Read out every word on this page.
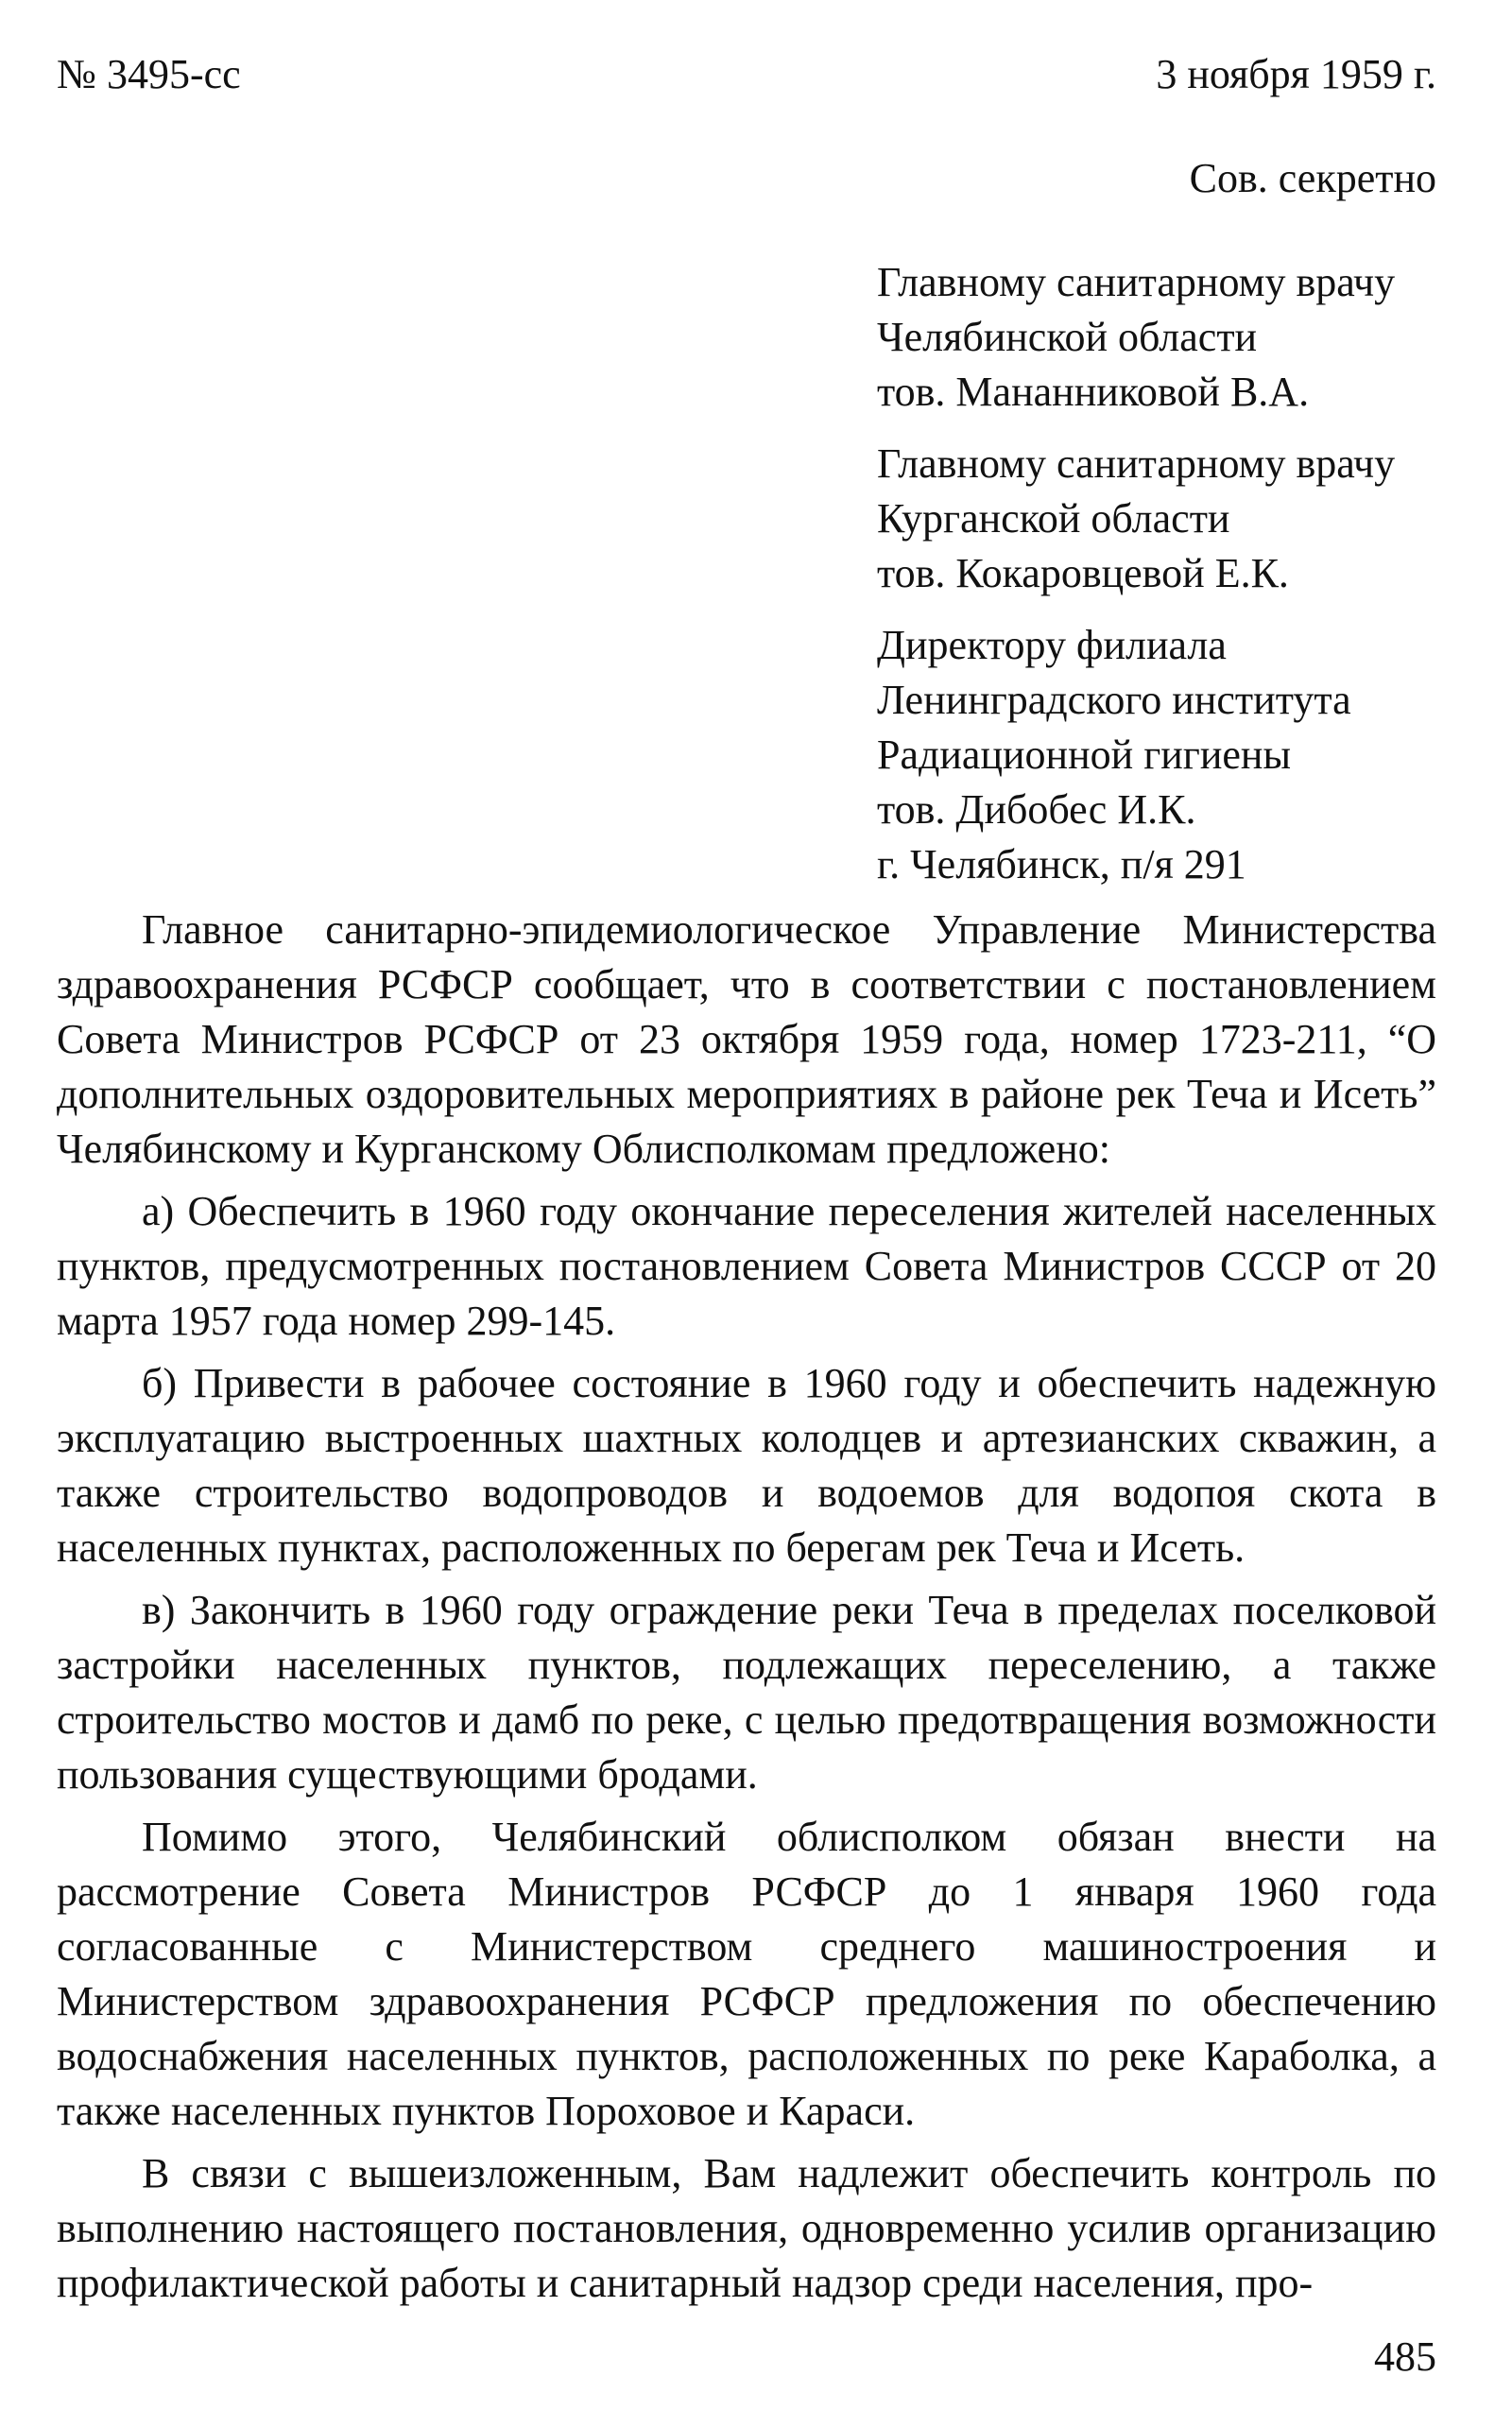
№ 3495-сс	3 ноября 1959 г.
Сов. секретно
Главному санитарному врачу
Челябинской области
тов. Мананниковой В.А.
Главному санитарному врачу
Курганской области
тов. Кокаровцевой Е.К.
Директору филиала
Ленинградского института
Радиационной гигиены
тов. Дибобес И.К.
г. Челябинск, п/я 291

Главное санитарно-эпидемиологическое Управление Министерства здравоохранения РСФСР сообщает, что в соответствии с постановлением Совета Министров РСФСР от 23 октября 1959 года, номер 1723-211, “О дополнительных оздоровительных мероприятиях в районе рек Теча и Исеть” Челябинскому и Курганскому Облисполкомам предложено:

а) Обеспечить в 1960 году окончание переселения жителей населенных пунктов, предусмотренных постановлением Совета Министров СССР от 20 марта 1957 года номер 299-145.

б) Привести в рабочее состояние в 1960 году и обеспечить надежную эксплуатацию выстроенных шахтных колодцев и артезианских скважин, а также строительство водопроводов и водоемов для водопоя скота в населенных пунктах, расположенных по берегам рек Теча и Исеть.

в) Закончить в 1960 году ограждение реки Теча в пределах поселковой застройки населенных пунктов, подлежащих переселению, а также строительство мостов и дамб по реке, с целью предотвращения возможности пользования существующими бродами.

Помимо этого, Челябинский облисполком обязан внести на рассмотрение Совета Министров РСФСР до 1 января 1960 года согласованные с Министерством среднего машиностроения и Министерством здравоохранения РСФСР предложения по обеспечению водоснабжения населенных пунктов, расположенных по реке Караболка, а также населенных пунктов Пороховое и Караси.

В связи с вышеизложенным, Вам надлежит обеспечить контроль по выполнению настоящего постановления, одновременно усилив организацию профилактической работы и санитарный надзор среди населения, про-

485
